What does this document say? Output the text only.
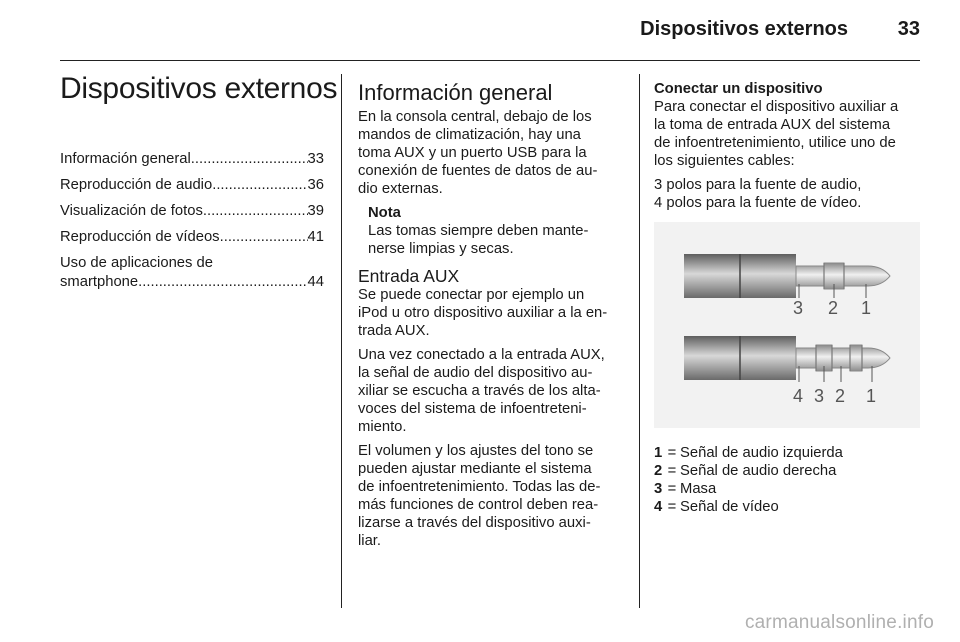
Dispositivos externos 33
Dispositivos externos
Información general .....	33
Reproducción de audio .....	36
Visualización de fotos .....	39
Reproducción de vídeos .....	41
Uso de aplicaciones de
smartphone .....	44
Información general
En la consola central, debajo de los
mandos de climatización, hay una
toma AUX y un puerto USB para la
conexión de fuentes de datos de au-
dio externas.
Nota
Las tomas siempre deben mante-
nerse limpias y secas.
Entrada AUX
Se puede conectar por ejemplo un
iPod u otro dispositivo auxiliar a la en-
trada AUX.
Una vez conectado a la entrada AUX,
la señal de audio del dispositivo au-
xiliar se escucha a través de los alta-
voces del sistema de infoentreteni-
miento.
El volumen y los ajustes del tono se
pueden ajustar mediante el sistema
de infoentretenimiento. Todas las de-
más funciones de control deben rea-
lizarse a través del dispositivo auxi-
liar.
Conectar un dispositivo
Para conectar el dispositivo auxiliar a
la toma de entrada AUX del sistema
de infoentretenimiento, utilice uno de
los siguientes cables:
3 polos para la fuente de audio,
4 polos para la fuente de vídeo.
3 2 1
4 3 2 1
1 = Señal de audio izquierda
2 = Señal de audio derecha
3 = Masa
4 = Señal de vídeo
carmanualsonline.info
